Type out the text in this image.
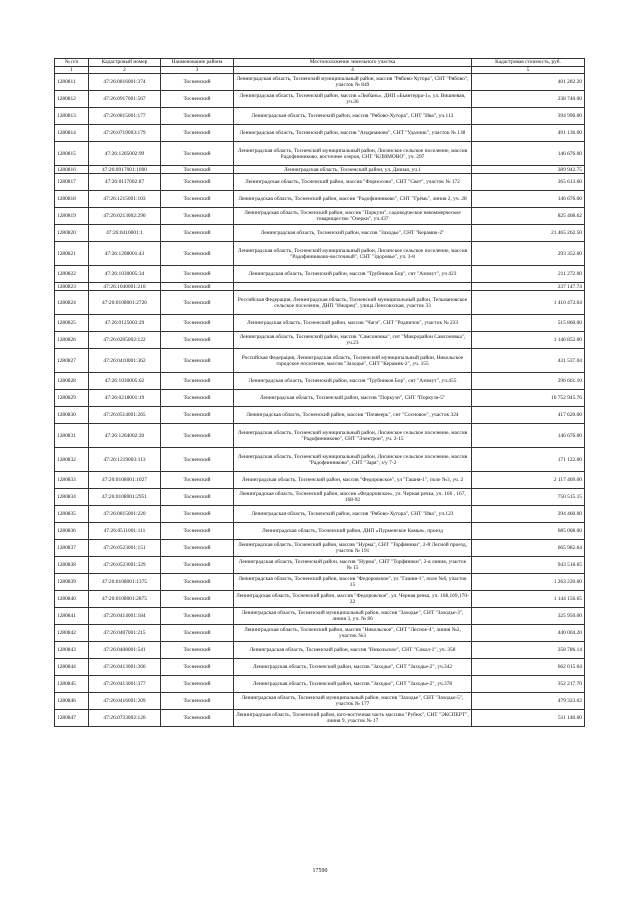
№ п/п	Кадастровый номер	Наименование района	Местоположение земельного участка	Кадастровая стоимость, руб.
1	2	3	4	5
1280811	47:26:0816001:374	Тосненский	Ленинградская область, Тосненский муниципальный район, массив "Рябово-Хутора", СНТ "Рябово", участок № 849	401 282.20
1280812	47:26:0917001:567	Тосненский	Ленинградская область, Тосненский район, массив «Любань», ДНП «Бьянтерра-1», ул. Вишневая, уч.36	238 740.00
1280813	47:26:0815001:177	Тосненский	Ленинградская область, Тосненский район, массив "Рябово-Хутора", СНТ "Ива", уч.112	394 990.00
1280814	47:26:0719003:179	Тосненский	Ленинградская область, Тосненский район, массив "Андрианово", СНТ "Удалник", участок № 138	491 136.00
1280815	47:26:1205002:99	Тосненский	Ленинградская область, Тосненский муниципальный район, Лисинское сельское поселение, массив Радофинниково, восточнее озеров, СНТ "КЛИМОВО", уч. 297	146 676.00
1280816	47:26:0917001:1000	Тосненский	Ленинградская область, Тосненский район, ул. Дачная, уч.1	389 942.75
1280817	47:26:0117002:87	Тосненский	Ленинградская область, Тосненский район, массив "Форносово", СНТ "Свет", участок № 172	365 613.60
1280818	47:26:1215001:103	Тосненский	Ленинградская область, Тосненский район, массив "Радофинниково", СНТ "Грёмь", линия 2, уч. 28	146 676.00
1280819	47:26:0213002:290	Тосненский	Ленинградская область, Тосненский район, массив "Поркузи", садоводческое некоммерческое товарищество "Озерки", уч.437	825 468.62
1280820	47:26:0410001:1	Тосненский	Ленинградская область, Тосненский район, массив "Заходье", СНТ "Керамик-2"	21 465 262.50
1280821	47:26:1208001:43	Тосненский	Ленинградская область, Тосненский муниципальный район, Лисинское сельское поселение, массив "Радофинниково-восточный", СНТ "Здоровье", уч. 3-8	293 352.00
1280822	47:26:1030005:34	Тосненский	Ленинградская область, Тосненский район, массив "Трубников Бор", снт "Азимут", уч 423	211 272.00
1280823	47:26:1040001:210	Тосненский		237 147.74
1280824	47:26:0108001:2720	Тосненский	Российская Федерация, Ленинградская область, Тосненский муниципальный район, Тельмановское сельское поселение, ДНП "Ижорец", улица Ленсовхская, участок 33	1 410 472.04
1280825	47:26:0125003:29	Тосненский	Ленинградская область, Тосненский район, массив "Чаги", СНТ "Родничок", участок № 233	515 860.00
1280826	47:26:0205002:122	Тосненский	Ленинградская область, Тосненский район, массив "Самсоновка", снт "Микрорайон Самсоновка", уч.23	1 146 852.00
1280827	47:26:0410001:362	Тосненский	Российская Федерация, Ленинградская область, Тосненский муниципальный район, Никольское городское поселение, массив "Заходье", СНТ "Керамик-2", уч. 155	431 537.04
1280828	47:26:1030005:62	Тосненский	Ленинградская область, Тосненский район, массив "Трубников Бор", снт "Азимут", уч.455	296 661.10
1280829	47:26:0218001:19	Тосненский	Ленинградская область, Тосненский район, массив "Поркузи", СНТ "Поркузи-5"	16 752 945.76
1280830	47:26:0514001:265	Тосненский	Ленинградская область, Тосненский район, массив "Почвеерь", снт "Сосновое", участок 324	417 620.00
1280831	47:26:1204002:20	Тосненский	Ленинградская область, Тосненский муниципальный район, Лисинское сельское поселение, массив "Радофинниково", СНТ "Электрон", уч. 2-15	146 676.00
1280832	47:26:1219003:113	Тосненский	Ленинградская область, Тосненский муниципальный район, Лисинское сельское поселение, массив "Радофинниково", СНТ "Заря", з/у 7-2	171 122.00
1280833	47:26:0108001:1027	Тосненский	Ленинградская область, Тосненский район, массив "Федоровское", ул "Гашня-1", поле №3, уч. 2	2 117 469.00
1280834	47:26:0108001:2951	Тосненский	Ленинградская область, Тосненский район, массив «Федоровское», ул. Черная речка, уч. 166 , 167, 168-92	750 515.15
1280835	47:26:0815001:220	Тосненский	Ленинградская область, Тосненский район, массив "Рябово-Хутора", СНТ "Ива", уч.123	394 460.00
1280836	47:26:0511001:111	Тосненский	Ленинградская область, Тосненский район, ДНП «Пурменское Камья», проезд	685 008.00
1280837	47:26:0523001:151	Тосненский	Ленинградская область, Тосненский район, массив "Нурма", СНТ "Торфяники", 2-й Лесной проезд, участок № 191	665 982.64
1280838	47:26:0523001:329	Тосненский	Ленинградская область, Тосненский район, массив "Нурма", СНТ "Торфяники", 2-я линия, участок № 15	943 518.65
1280839	47:26:0108001:1375	Тосненский	Ленинградская область, Тосненский район, массив "Федоровское", ул "Гашня-1", поле №6, участок 15	1 263 220.00
1280840	47:26:0108001:2875	Тосненский	Ленинградская область, Тосненский район, массив "Федоровское", ул. Черная речка, уч. 168,169,170-22	1 144 156.65
1280841	47:26:0414001:184	Тосненский	Ленинградская область, Тосненский муниципальный район, массив "Заходье", СНТ "Заходье-3", линия 3, уч. № 86	325 950.00
1280842	47:26:0407001:215	Тосненский	Ленинградская область, Тосненский район, массив "Никольское", СНТ "Лесное-4", линия №2, участок №3	440 004.20
1280843	47:26:0408001:541	Тосненский	Ленинградская область, Тосненский район, массив "Никольское", СНТ "Сокол-1", уч. 358	358 786.14
1280844	47:26:0413001:366	Тосненский	Ленинградская область, Тосненский район, массив "Заходье", СНТ "Заходье-2", уч.342	662 015.64
1280845	47:26:0413001:377	Тосненский	Ленинградская область, Тосненский район, массив "Заходье", СНТ "Заходье-2", уч.378	352 217.70
1280846	47:26:0416001:209	Тосненский	Ленинградская область, Тосненский муниципальный район, массив "Заходье", СНТ "Заходье-5", участок № 177	479 323.02
1280847	47:26:0733002:120	Тосненский	Ленинградская область, Тосненский район, юго-восточная часть массива "Рубеж", СНТ "ЭКСПЕРТ", линия 9, участок № 17	511 140.00
17590
